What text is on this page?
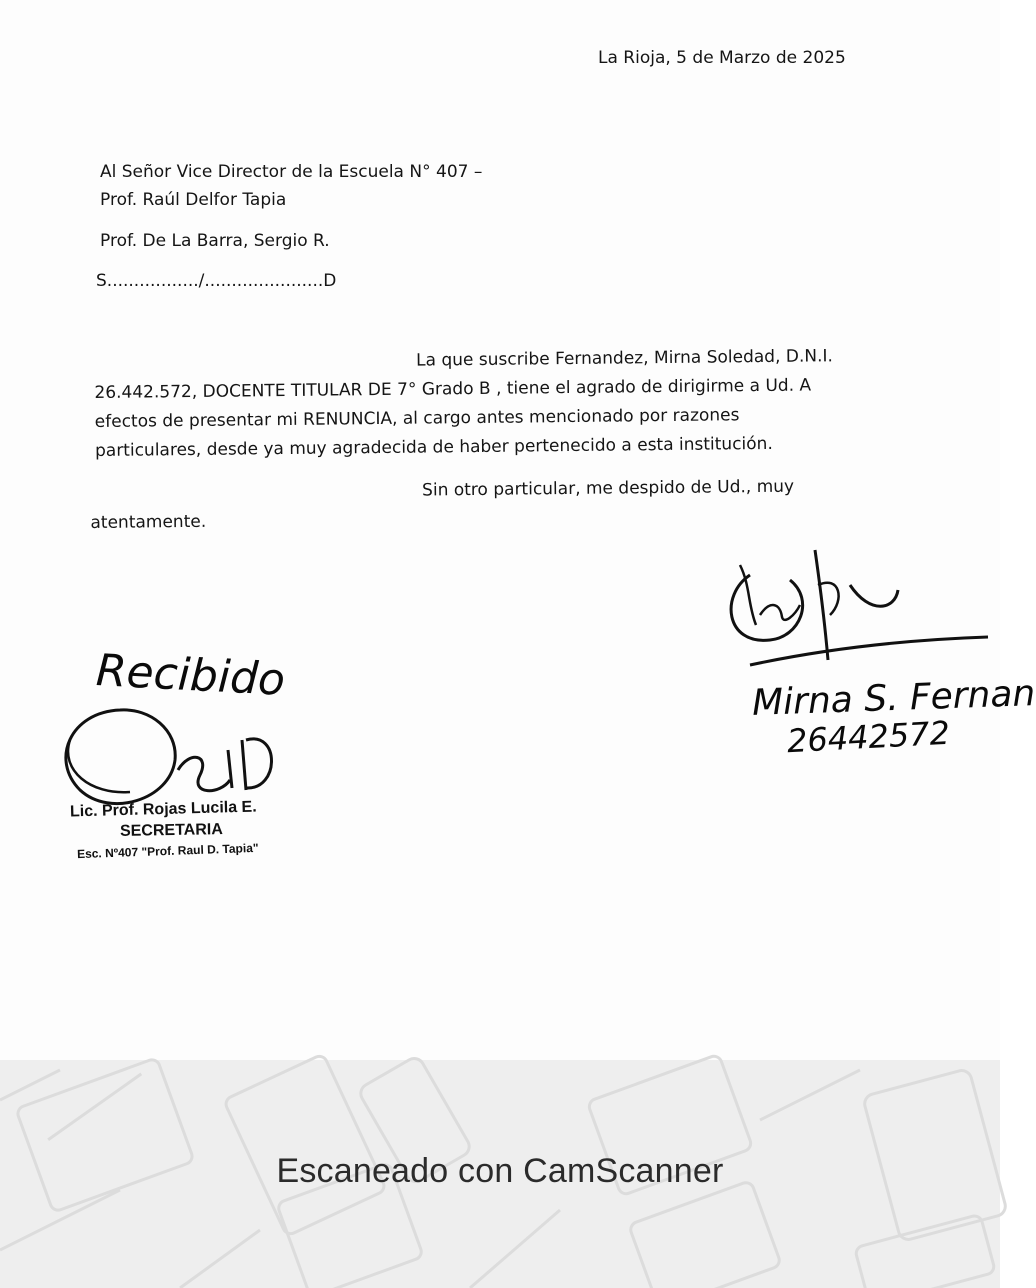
La Rioja, 5 de Marzo de 2025
Al Señor Vice Director de la Escuela N° 407 –
Prof. Raúl Delfor Tapia
Prof. De La Barra, Sergio R.
S................./......................D
La que suscribe Fernandez, Mirna Soledad, D.N.I.
26.442.572, DOCENTE TITULAR DE 7° Grado B , tiene el agrado de dirigirme a Ud. A
efectos de presentar mi RENUNCIA, al cargo antes mencionado por razones
particulares, desde ya muy agradecida de haber pertenecido a esta institución.
Sin otro particular, me despido de Ud., muy
atentamente.
Recibido
Lic. Prof. Rojas Lucila E.
SECRETARIA
Esc. Nº407 "Prof. Raul D. Tapia"
Mirna S. Fernan
26442572
Escaneado con CamScanner
